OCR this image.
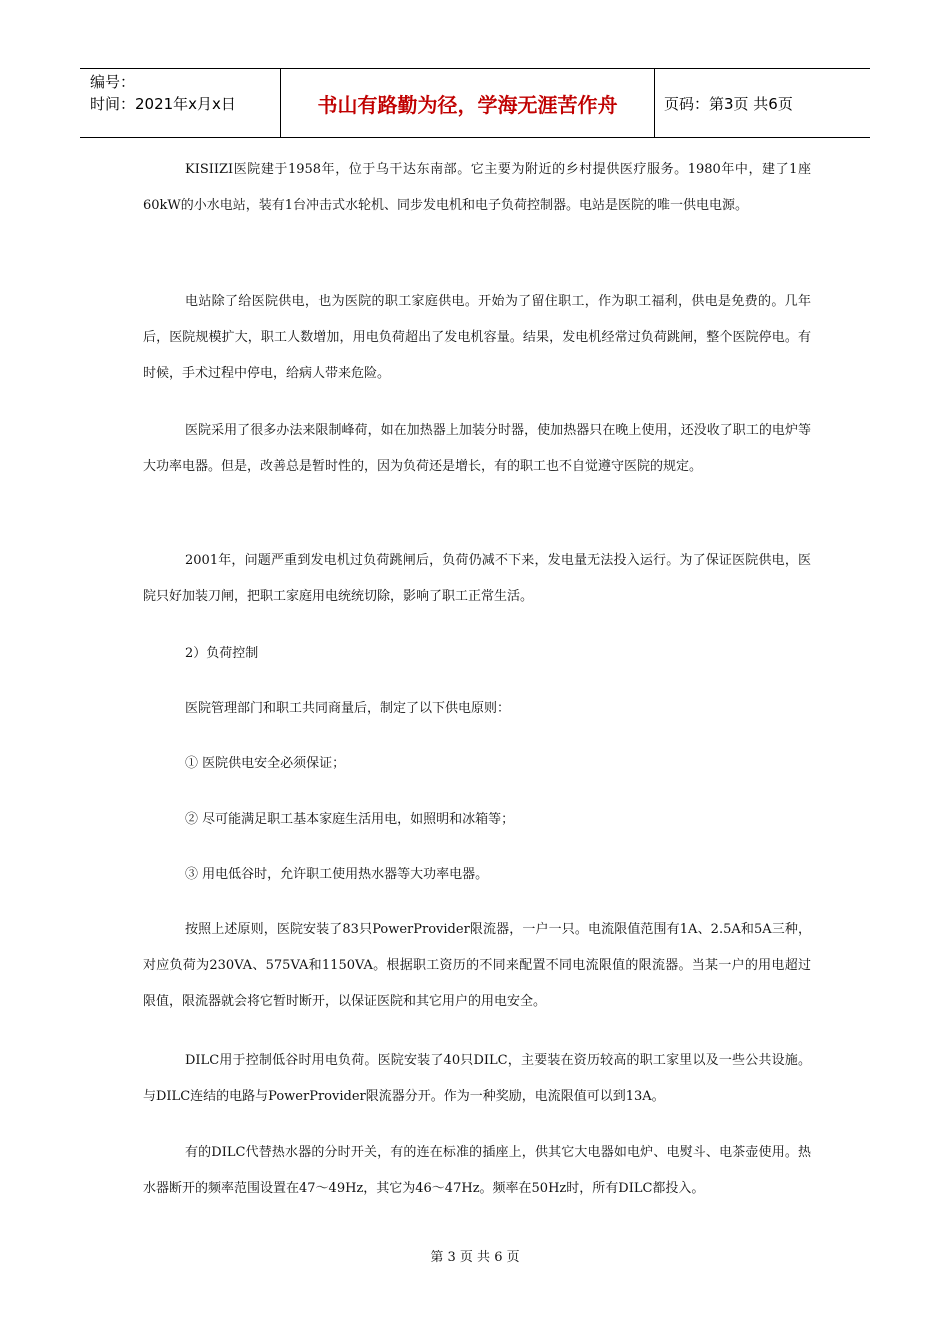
编号：
时间：2021年x月x日	书山有路勤为径，学海无涯苦作舟	页码：第3页 共6页

KISIIZI医院建于1958年，位于乌干达东南部。它主要为附近的乡村提供医疗服务。1980年中，建了1座60kW的小水电站，装有1台冲击式水轮机、同步发电机和电子负荷控制器。电站是医院的唯一供电电源。

电站除了给医院供电，也为医院的职工家庭供电。开始为了留住职工，作为职工福利，供电是免费的。几年后，医院规模扩大，职工人数增加，用电负荷超出了发电机容量。结果，发电机经常过负荷跳闸，整个医院停电。有时候，手术过程中停电，给病人带来危险。

医院采用了很多办法来限制峰荷，如在加热器上加装分时器，使加热器只在晚上使用，还没收了职工的电炉等大功率电器。但是，改善总是暂时性的，因为负荷还是增长，有的职工也不自觉遵守医院的规定。

2001年，问题严重到发电机过负荷跳闸后，负荷仍减不下来，发电量无法投入运行。为了保证医院供电，医院只好加装刀闸，把职工家庭用电统统切除，影响了职工正常生活。

2）负荷控制

医院管理部门和职工共同商量后，制定了以下供电原则：

① 医院供电安全必须保证；

② 尽可能满足职工基本家庭生活用电，如照明和冰箱等；

③ 用电低谷时，允许职工使用热水器等大功率电器。

按照上述原则，医院安装了83只PowerProvider限流器，一户一只。电流限值范围有1A、2.5A和5A三种，对应负荷为230VA、575VA和1150VA。根据职工资历的不同来配置不同电流限值的限流器。当某一户的用电超过限值，限流器就会将它暂时断开，以保证医院和其它用户的用电安全。

DILC用于控制低谷时用电负荷。医院安装了40只DILC，主要装在资历较高的职工家里以及一些公共设施。与DILC连结的电路与PowerProvider限流器分开。作为一种奖励，电流限值可以到13A。

有的DILC代替热水器的分时开关，有的连在标准的插座上，供其它大电器如电炉、电熨斗、电茶壶使用。热水器断开的频率范围设置在47～49Hz，其它为46～47Hz。频率在50Hz时，所有DILC都投入。

第 3 页 共 6 页
